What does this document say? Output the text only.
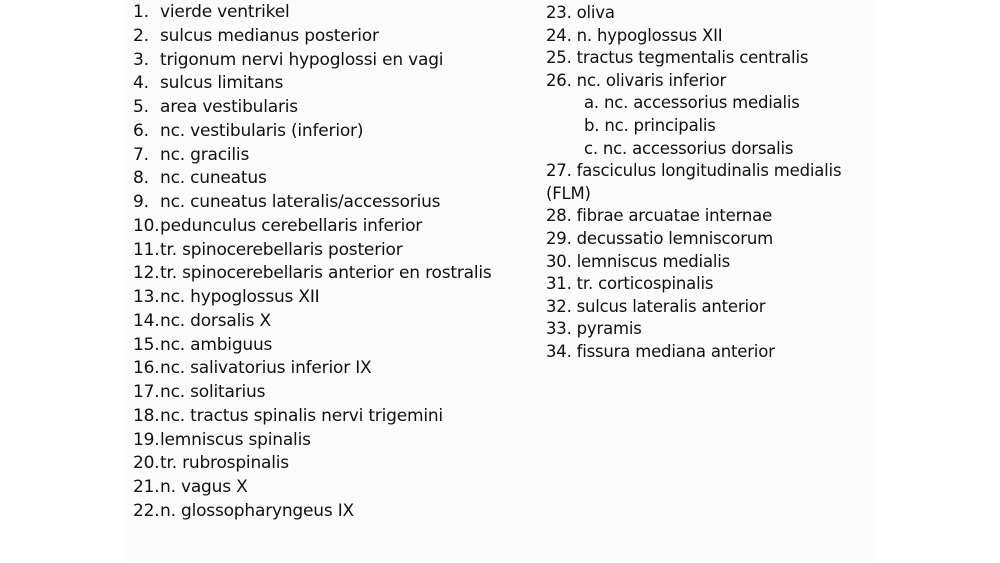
1. vierde ventrikel
2. sulcus medianus posterior
3. trigonum nervi hypoglossi en vagi
4. sulcus limitans
5. area vestibularis
6. nc. vestibularis (inferior)
7. nc. gracilis
8. nc. cuneatus
9. nc. cuneatus lateralis/accessorius
10. pedunculus cerebellaris inferior
11. tr. spinocerebellaris posterior
12. tr. spinocerebellaris anterior en rostralis
13. nc. hypoglossus XII
14. nc. dorsalis X
15. nc. ambiguus
16. nc. salivatorius inferior IX
17. nc. solitarius
18. nc. tractus spinalis nervi trigemini
19. lemniscus spinalis
20. tr. rubrospinalis
21. n. vagus X
22. n. glossopharyngeus IX
23. oliva
24. n. hypoglossus XII
25. tractus tegmentalis centralis
26. nc. olivaris inferior
a. nc. accessorius medialis
b. nc. principalis
c. nc. accessorius dorsalis
27. fasciculus longitudinalis medialis
(FLM)
28. fibrae arcuatae internae
29. decussatio lemniscorum
30. lemniscus medialis
31. tr. corticospinalis
32. sulcus lateralis anterior
33. pyramis
34. fissura mediana anterior
